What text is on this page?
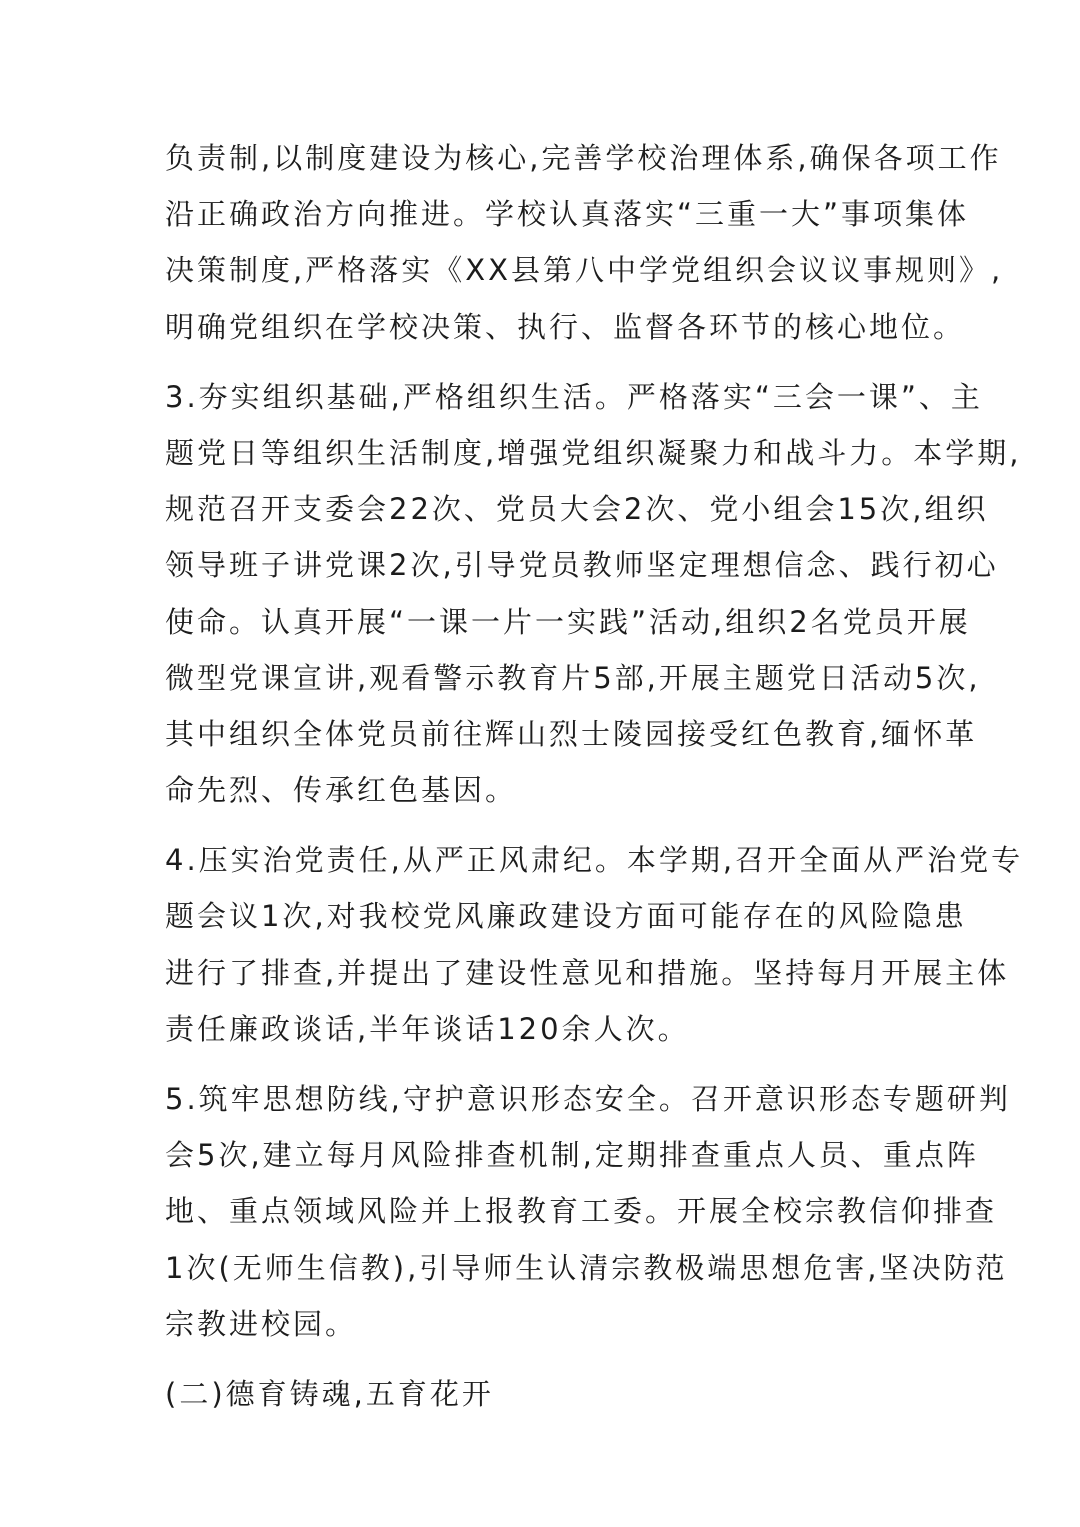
负责制,以制度建设为核心,完善学校治理体系,确保各项工作
沿正确政治方向推进。学校认真落实“三重一大”事项集体
决策制度,严格落实《XX县第八中学党组织会议议事规则》,
明确党组织在学校决策、执行、监督各环节的核心地位。
3.夯实组织基础,严格组织生活。严格落实“三会一课”、主
题党日等组织生活制度,增强党组织凝聚力和战斗力。本学期,
规范召开支委会22次、党员大会2次、党小组会15次,组织
领导班子讲党课2次,引导党员教师坚定理想信念、践行初心
使命。认真开展“一课一片一实践”活动,组织2名党员开展
微型党课宣讲,观看警示教育片5部,开展主题党日活动5次,
其中组织全体党员前往辉山烈士陵园接受红色教育,缅怀革
命先烈、传承红色基因。
4.压实治党责任,从严正风肃纪。本学期,召开全面从严治党专
题会议1次,对我校党风廉政建设方面可能存在的风险隐患
进行了排查,并提出了建设性意见和措施。坚持每月开展主体
责任廉政谈话,半年谈话120余人次。
5.筑牢思想防线,守护意识形态安全。召开意识形态专题研判
会5次,建立每月风险排查机制,定期排查重点人员、重点阵
地、重点领域风险并上报教育工委。开展全校宗教信仰排查
1次(无师生信教),引导师生认清宗教极端思想危害,坚决防范
宗教进校园。
(二)德育铸魂,五育花开
